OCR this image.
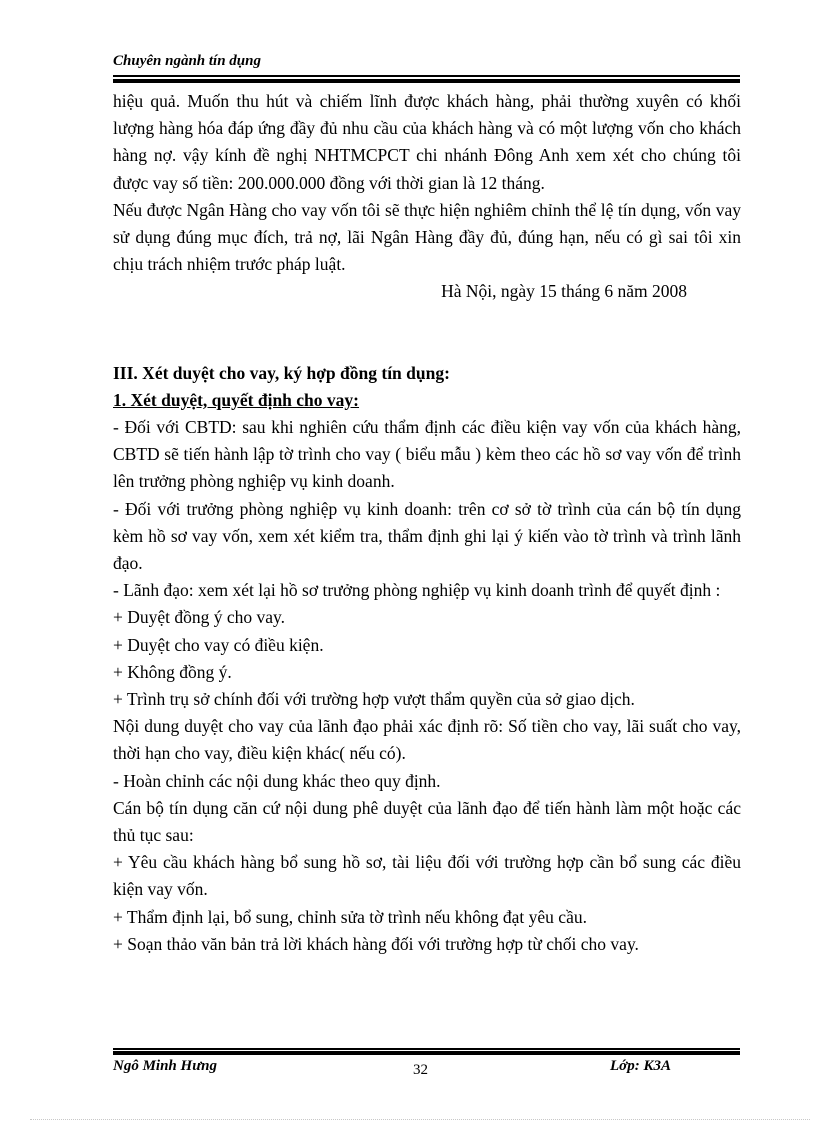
Chuyên ngành tín dụng

hiệu quả. Muốn thu hút và chiếm lĩnh được khách hàng, phải thường xuyên có khối lượng hàng hóa đáp ứng đầy đủ nhu cầu của khách hàng và có một lượng vốn cho khách hàng nợ. vậy kính đề nghị NHTMCPCT chi nhánh Đông Anh xem xét cho chúng tôi được vay số tiền: 200.000.000 đồng với thời gian là 12 tháng.

Nếu được Ngân Hàng cho vay vốn tôi sẽ thực hiện nghiêm chỉnh thể lệ tín dụng, vốn vay sử dụng đúng mục đích, trả nợ, lãi Ngân Hàng đầy đủ, đúng hạn, nếu có gì sai tôi xin chịu trách nhiệm trước pháp luật.

Hà Nội, ngày 15 tháng 6 năm 2008

III. Xét duyệt cho vay, ký hợp đồng tín dụng:

1. Xét duyệt, quyết định cho vay:

- Đối với CBTD: sau khi nghiên cứu thẩm định các điều kiện vay vốn của khách hàng, CBTD sẽ tiến hành lập tờ trình cho vay ( biểu mẫu ) kèm theo các hồ sơ vay vốn để trình lên trưởng phòng nghiệp vụ kinh doanh.

- Đối với trưởng phòng nghiệp vụ kinh doanh: trên cơ sở tờ trình của cán bộ tín dụng kèm hồ sơ vay vốn, xem xét kiểm tra, thẩm định ghi lại ý kiến vào tờ trình và trình lãnh đạo.

- Lãnh đạo: xem xét lại hồ sơ trưởng phòng nghiệp vụ kinh doanh trình để quyết định :

+ Duyệt đồng ý cho vay.

+ Duyệt cho vay có điều kiện.

+ Không đồng ý.

+ Trình trụ sở chính đối với trường hợp vượt thẩm quyền của sở giao dịch.

Nội dung duyệt cho vay của lãnh đạo phải xác định rõ: Số tiền cho vay, lãi suất cho vay, thời hạn cho vay, điều kiện khác( nếu có).

- Hoàn chỉnh các nội dung khác theo quy định.

Cán bộ tín dụng căn cứ nội dung phê duyệt của lãnh đạo để tiến hành làm một hoặc các thủ tục sau:

+ Yêu cầu khách hàng bổ sung hồ sơ, tài liệu đối với trường hợp cần bổ sung các điều kiện vay vốn.

+ Thẩm định lại, bổ sung, chỉnh sửa tờ trình nếu không đạt yêu cầu.

+ Soạn thảo văn bản trả lời khách hàng đối với trường hợp từ chối cho vay.

Ngô Minh Hưng	32	Lớp: K3A
